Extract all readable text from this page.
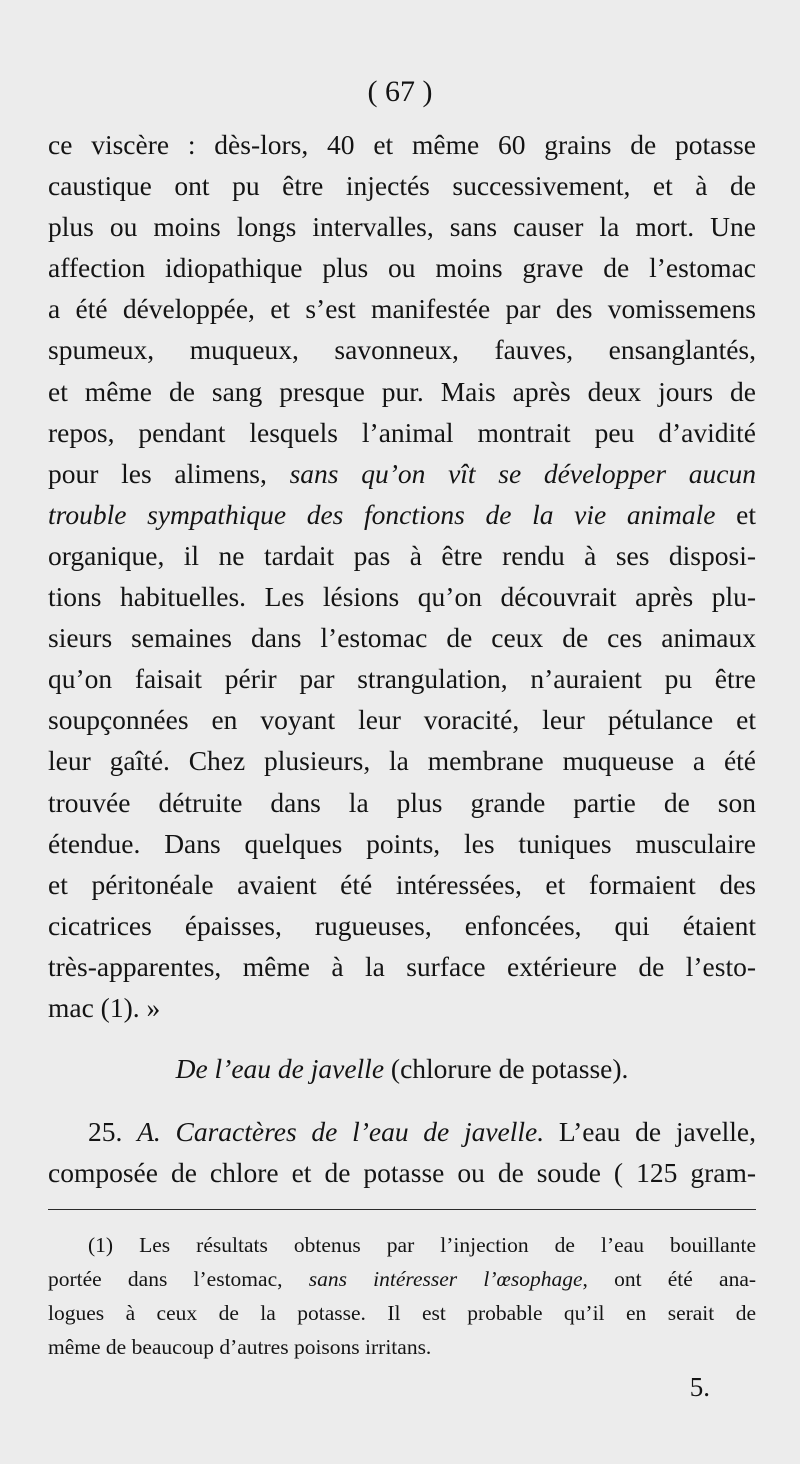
( 67 )
ce viscère : dès-lors, 40 et même 60 grains de potasse
caustique ont pu être injectés successivement, et à de
plus ou moins longs intervalles, sans causer la mort. Une
affection idiopathique plus ou moins grave de l’estomac
a été développée, et s’est manifestée par des vomissemens
spumeux, muqueux, savonneux, fauves, ensanglantés,
et même de sang presque pur. Mais après deux jours de
repos, pendant lesquels l’animal montrait peu d’avidité
pour les alimens, sans qu’on vît se développer aucun
trouble sympathique des fonctions de la vie animale et
organique, il ne tardait pas à être rendu à ses disposi-
tions habituelles. Les lésions qu’on découvrait après plu-
sieurs semaines dans l’estomac de ceux de ces animaux
qu’on faisait périr par strangulation, n’auraient pu être
soupçonnées en voyant leur voracité, leur pétulance et
leur gaîté. Chez plusieurs, la membrane muqueuse a été
trouvée détruite dans la plus grande partie de son
étendue. Dans quelques points, les tuniques musculaire
et péritonéale avaient été intéressées, et formaient des
cicatrices épaisses, rugueuses, enfoncées, qui étaient
très-apparentes, même à la surface extérieure de l’esto-
mac (1). »
De l’eau de javelle (chlorure de potasse).
25. A. Caractères de l’eau de javelle. L’eau de javelle,
composée de chlore et de potasse ou de soude ( 125 gram-
(1) Les résultats obtenus par l’injection de l’eau bouillante
portée dans l’estomac, sans intéresser l’œsophage, ont été ana-
logues à ceux de la potasse. Il est probable qu’il en serait de
même de beaucoup d’autres poisons irritans.
5.
